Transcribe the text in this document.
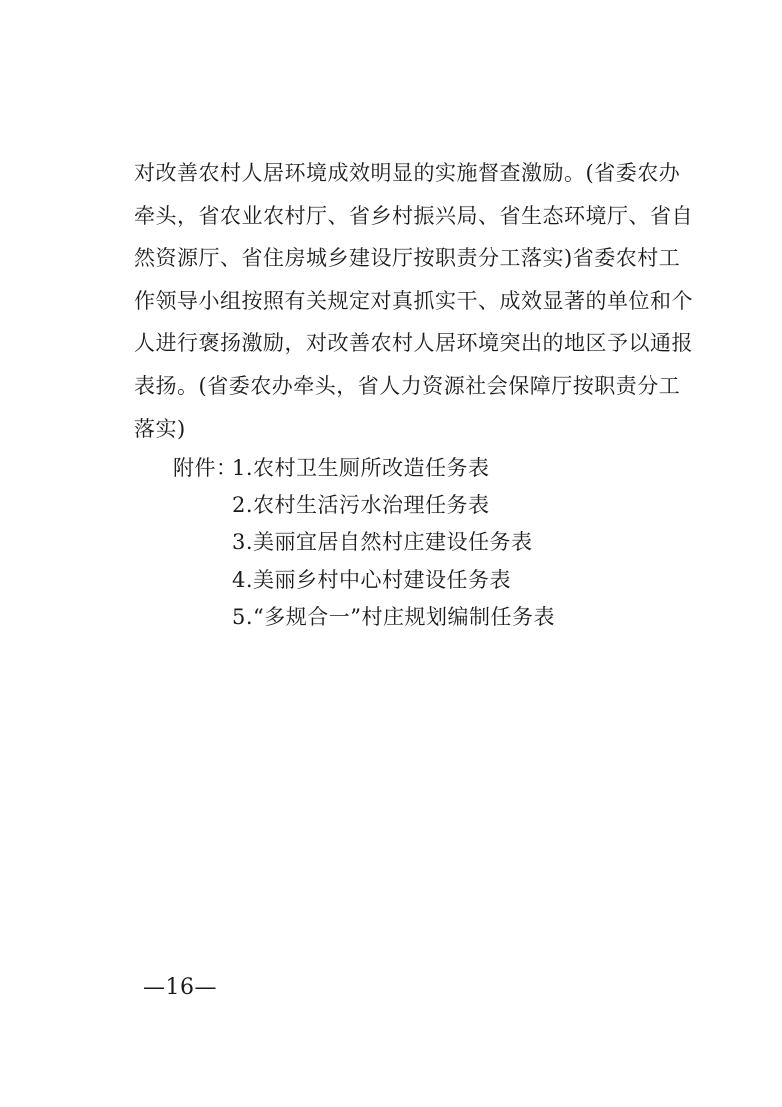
对改善农村人居环境成效明显的实施督查激励。(省委农办
牵头，省农业农村厅、省乡村振兴局、省生态环境厅、省自
然资源厅、省住房城乡建设厅按职责分工落实)省委农村工
作领导小组按照有关规定对真抓实干、成效显著的单位和个
人进行褒扬激励，对改善农村人居环境突出的地区予以通报
表扬。(省委农办牵头，省人力资源社会保障厅按职责分工
落实)
附件：
1.农村卫生厕所改造任务表
2.农村生活污水治理任务表
3.美丽宜居自然村庄建设任务表
4.美丽乡村中心村建设任务表
5.“多规合一”村庄规划编制任务表
—16—
